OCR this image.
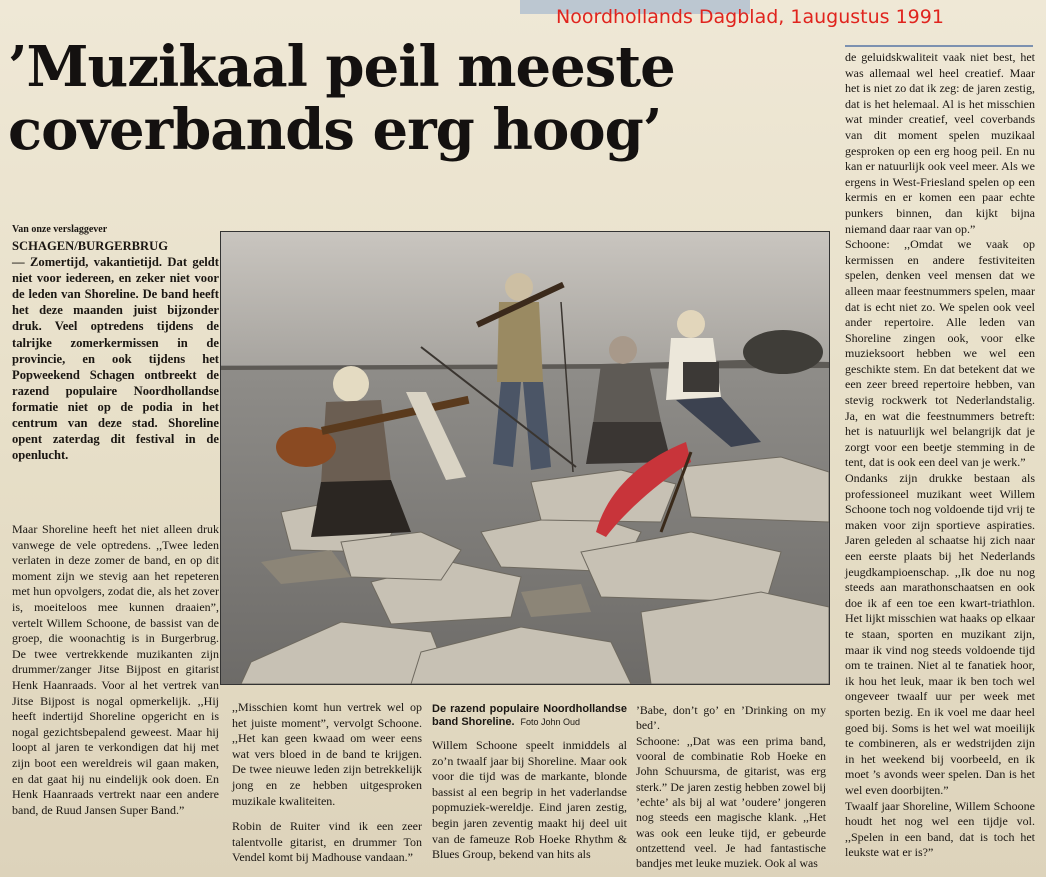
Noordhollands Dagblad, 1augustus 1991
’Muzikaal peil meeste
coverbands erg hoog’
Van onze verslaggever

SCHAGEN/BURGERBRUG
— Zomertijd, vakantietijd. Dat geldt niet voor iedereen, en zeker niet voor de leden van Shoreline. De band heeft het deze maanden juist bijzonder druk. Veel optredens tijdens de talrijke zomerkermissen in de provincie, en ook tijdens het Popweekend Schagen ontbreekt de razend populaire Noordhollandse formatie niet op de podia in het centrum van deze stad. Shoreline opent zaterdag dit festival in de openlucht.

Maar Shoreline heeft het niet alleen druk vanwege de vele optredens. ,,Twee leden verlaten in deze zomer de band, en op dit moment zijn we stevig aan het repeteren met hun opvolgers, zodat die, als het zover is, moeiteloos mee kunnen draaien”, vertelt Willem Schoone, de bassist van de groep, die woonachtig is in Burgerbrug. De twee vertrekkende muzikanten zijn drummer/zanger Jitse Bijpost en gitarist Henk Haanraads. Voor al het vertrek van Jitse Bijpost is nogal opmerkelijk. ,,Hij heeft indertijd Shoreline opgericht en is nogal gezichtsbepalend geweest. Maar hij loopt al jaren te verkondigen dat hij met zijn boot een wereldreis wil gaan maken, en dat gaat hij nu eindelijk ook doen. En Henk Haanraads vertrekt naar een andere band, de Ruud Jansen Super Band.”

,,Misschien komt hun vertrek wel op het juiste moment”, vervolgt Schoone. ,,Het kan geen kwaad om weer eens wat vers bloed in de band te krijgen. De twee nieuwe leden zijn betrekkelijk jong en ze hebben uitgesproken muzikale kwaliteiten.

Robin de Ruiter vind ik een zeer talentvolle gitarist, en drummer Ton Vendel komt bij Madhouse vandaan.”

De razend populaire Noordhollandse band Shoreline. Foto John Oud

Willem Schoone speelt inmiddels al zo’n twaalf jaar bij Shoreline. Maar ook voor die tijd was de markante, blonde bassist al een begrip in het vaderlandse popmuziek-wereldje. Eind jaren zestig, begin jaren zeventig maakt hij deel uit van de fameuze Rob Hoeke Rhythm & Blues Group, bekend van hits als

’Babe, don’t go’ en ’Drinking on my bed’.

Schoone: ,,Dat was een prima band, vooral de combinatie Rob Hoeke en John Schuursma, de gitarist, was erg sterk.” De jaren zestig hebben zowel bij ’echte’ als bij al wat ’oudere’ jongeren nog steeds een magische klank. ,,Het was ook een leuke tijd, er gebeurde ontzettend veel. Je had fantastische bandjes met leuke muziek. Ook al was

de geluidskwaliteit vaak niet best, het was allemaal wel heel creatief. Maar het is niet zo dat ik zeg: de jaren zestig, dat is het helemaal. Al is het misschien wat minder creatief, veel coverbands van dit moment spelen muzikaal gesproken op een erg hoog peil. En nu kan er natuurlijk ook veel meer. Als we ergens in West-Friesland spelen op een kermis en er komen een paar echte punkers binnen, dan kijkt bijna niemand daar raar van op.”

Schoone: ,,Omdat we vaak op kermissen en andere festiviteiten spelen, denken veel mensen dat we alleen maar feestnummers spelen, maar dat is echt niet zo. We spelen ook veel ander repertoire. Alle leden van Shoreline zingen ook, voor elke muzieksoort hebben we wel een geschikte stem. En dat betekent dat we een zeer breed repertoire hebben, van stevig rockwerk tot Nederlandstalig. Ja, en wat die feestnummers betreft: het is natuurlijk wel belangrijk dat je zorgt voor een beetje stemming in de tent, dat is ook een deel van je werk.”

Ondanks zijn drukke bestaan als professioneel muzikant weet Willem Schoone toch nog voldoende tijd vrij te maken voor zijn sportieve aspiraties. Jaren geleden al schaatse hij zich naar een eerste plaats bij het Nederlands jeugdkampioenschap. ,,Ik doe nu nog steeds aan marathonschaatsen en ook doe ik af een toe een kwart-triathlon. Het lijkt misschien wat haaks op elkaar te staan, sporten en muzikant zijn, maar ik vind nog steeds voldoende tijd om te trainen. Niet al te fanatiek hoor, ik hou het leuk, maar ik ben toch wel ongeveer twaalf uur per week met sporten bezig. En ik voel me daar heel goed bij. Soms is het wel wat moeilijk te combineren, als er wedstrijden zijn in het weekend bij voorbeeld, en ik moet ’s avonds weer spelen. Dan is het wel even doorbijten.”

Twaalf jaar Shoreline, Willem Schoone houdt het nog wel een tijdje vol. ,,Spelen in een band, dat is toch het leukste wat er is?”
